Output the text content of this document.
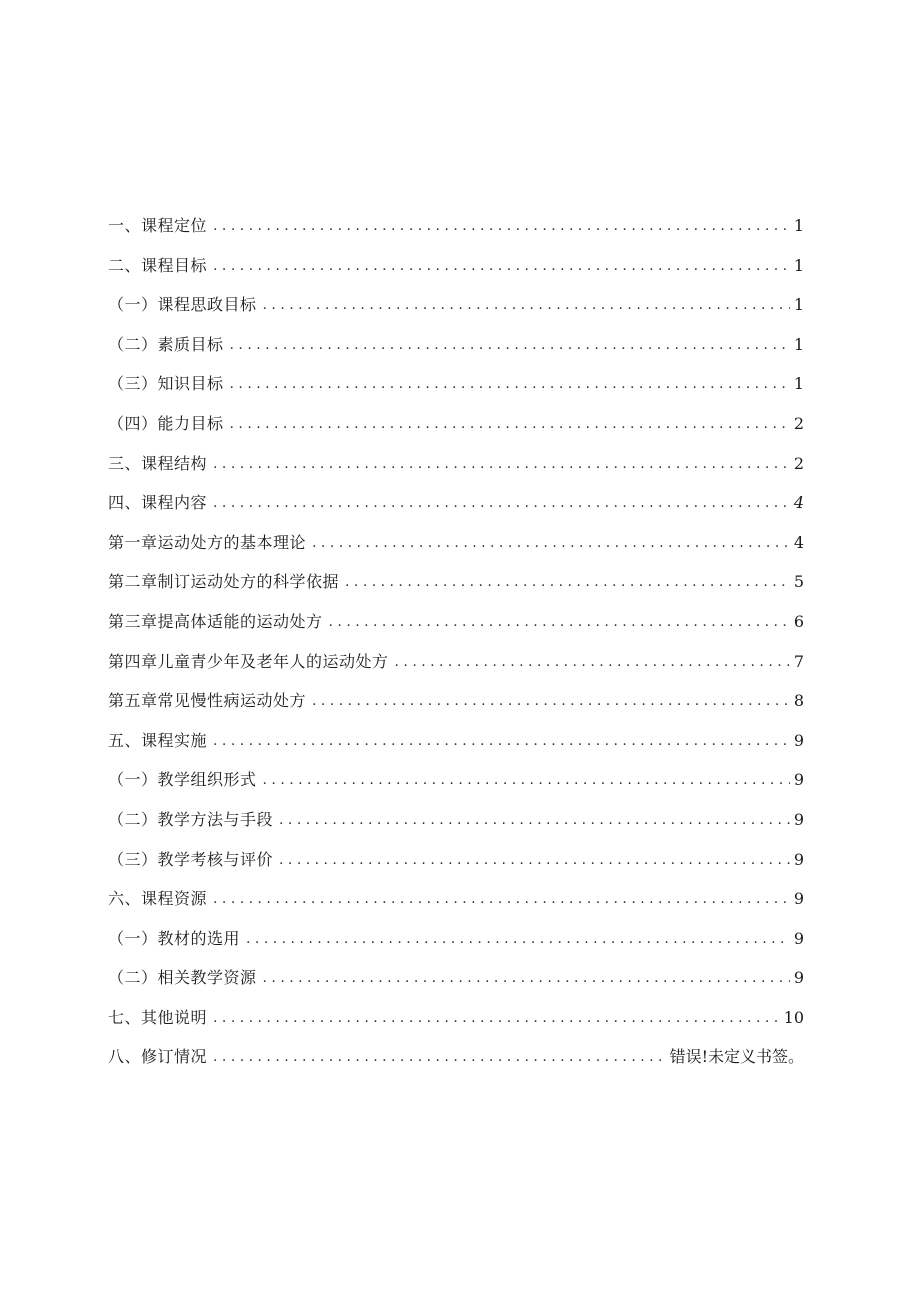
一、课程定位 . . .	1
二、课程目标 . . .	1
（一）课程思政目标 . . .	1
（二）素质目标 . . .	1
（三）知识目标 . . .	1
（四）能力目标 . . .	2
三、课程结构 . . .	2
四、课程内容 . . .	4
第一章运动处方的基本理论 . . .	4
第二章制订运动处方的科学依据 . . .	5
第三章提高体适能的运动处方 . . .	6
第四章儿童青少年及老年人的运动处方 . . .	7
第五章常见慢性病运动处方 . . .	8
五、课程实施 . . .	9
（一）教学组织形式 . . .	9
（二）教学方法与手段 . . .	9
（三）教学考核与评价 . . .	9
六、课程资源 . . .	9
（一）教材的选用 . . .	9
（二）相关教学资源 . . .	9
七、其他说明 . . .	10
八、修订情况 . . .	错误!未定义书签。
